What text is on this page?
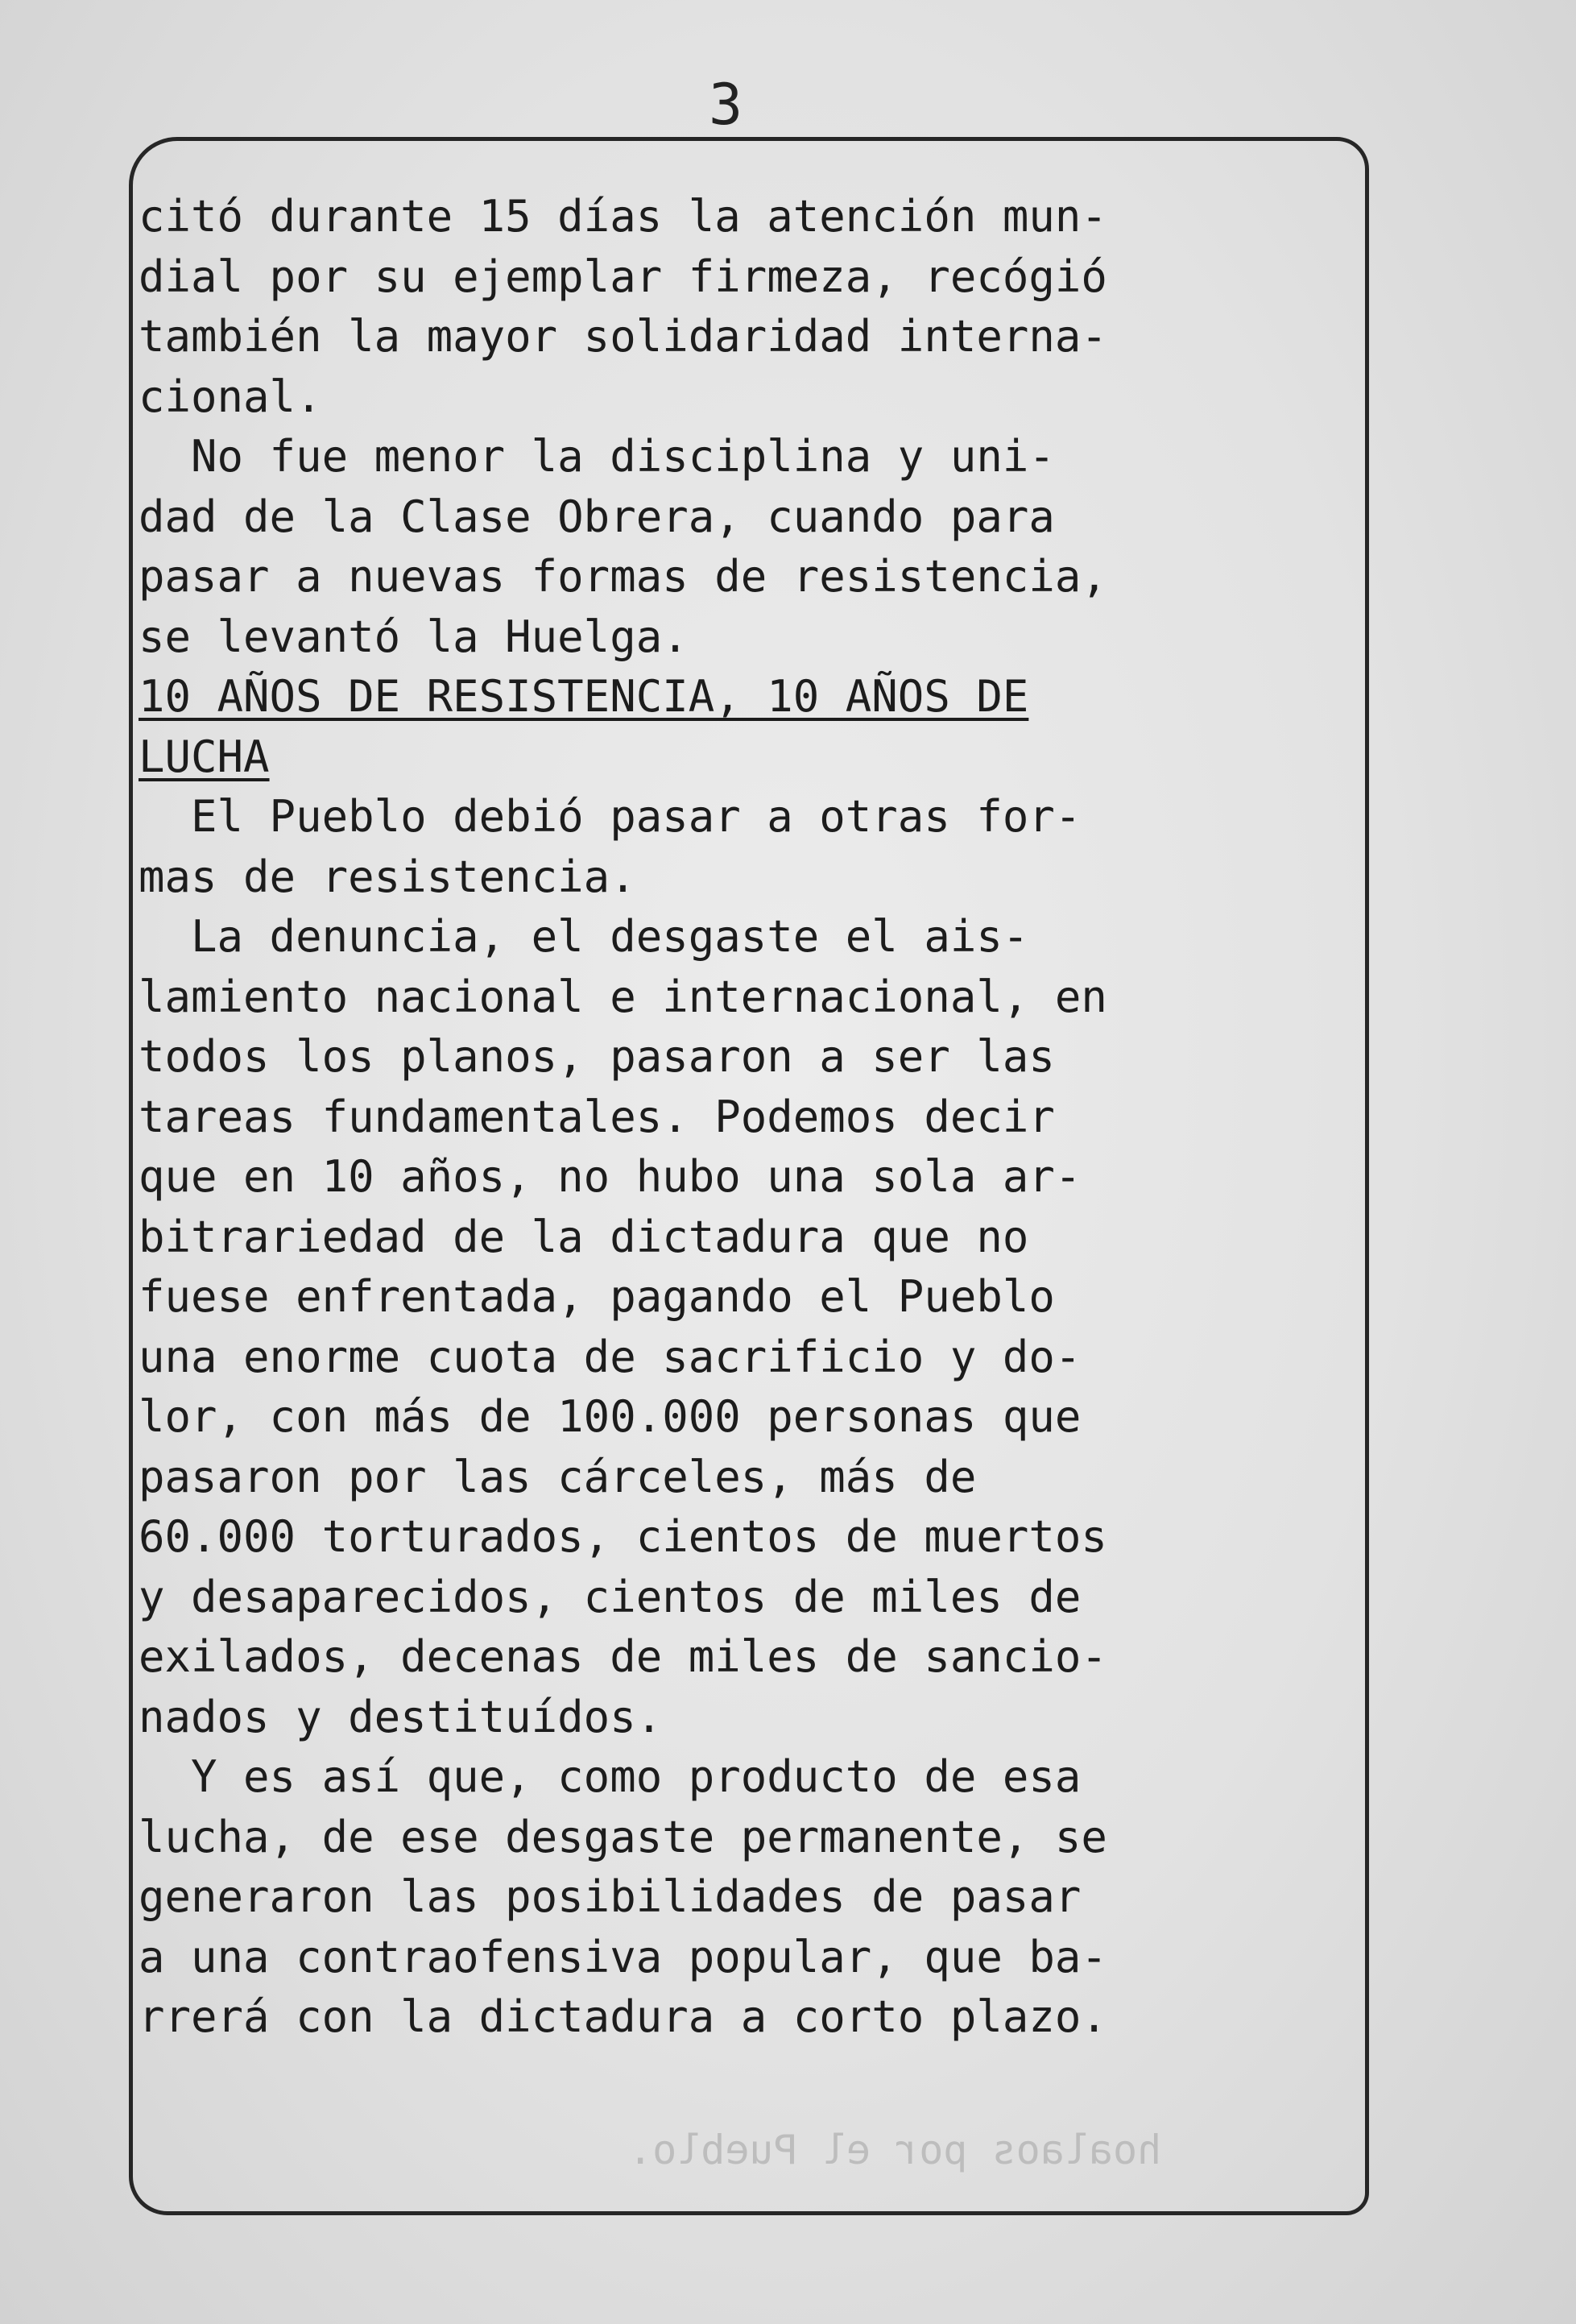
3
citó durante 15 días la atención mun-
dial por su ejemplar firmeza, recógió
también la mayor solidaridad interna-
cional.
No fue menor la disciplina y uni-
dad de la Clase Obrera, cuando para
pasar a nuevas formas de resistencia,
se levantó la Huelga.
10 AÑOS DE RESISTENCIA, 10 AÑOS DE
LUCHA
El Pueblo debió pasar a otras for-
mas de resistencia.
La denuncia, el desgaste el ais-
lamiento nacional e internacional, en
todos los planos, pasaron a ser las
tareas fundamentales. Podemos decir
que en 10 años, no hubo una sola ar-
bitrariedad de la dictadura que no
fuese enfrentada, pagando el Pueblo
una enorme cuota de sacrificio y do-
lor, con más de 100.000 personas que
pasaron por las cárceles, más de
60.000 torturados, cientos de muertos
y desaparecidos, cientos de miles de
exilados, decenas de miles de sancio-
nados y destituídos.
Y es así que, como producto de esa
lucha, de ese desgaste permanente, se
generaron las posibilidades de pasar
a una contraofensiva popular, que ba-
rrerá con la dictadura a corto plazo.
hoalaos por el Pueblo.
